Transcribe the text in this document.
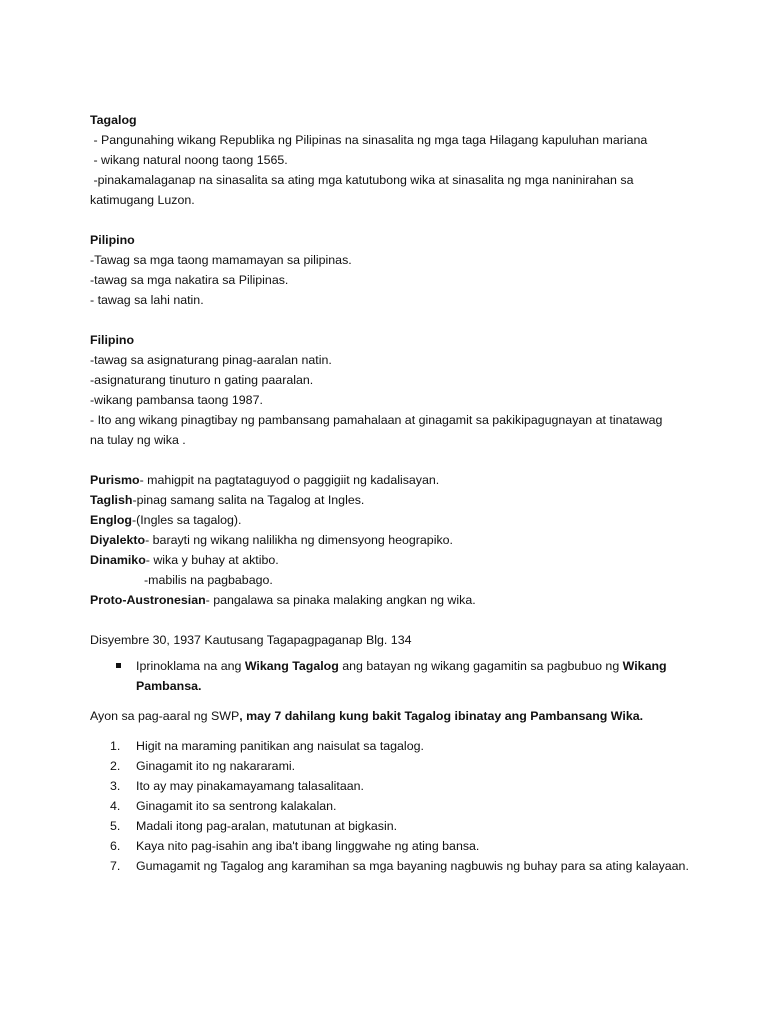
Tagalog
- Pangunahing wikang Republika ng Pilipinas na sinasalita ng mga taga Hilagang kapuluhan mariana
- wikang natural noong taong 1565.
-pinakamalaganap na sinasalita sa ating mga katutubong wika at sinasalita ng mga naninirahan sa
katimugang Luzon.
Pilipino
-Tawag sa mga taong mamamayan sa pilipinas.
-tawag sa mga nakatira sa Pilipinas.
- tawag sa lahi natin.
Filipino
-tawag sa asignaturang pinag-aaralan natin.
-asignaturang tinuturo n gating paaralan.
-wikang pambansa taong 1987.
- Ito ang wikang pinagtibay ng pambansang pamahalaan at ginagamit sa pakikipagugnayan at tinatawag
na tulay ng wika .
Purismo- mahigpit na pagtataguyod o paggigiit ng kadalisayan.
Taglish-pinag samang salita na Tagalog at Ingles.
Englog-(Ingles sa tagalog).
Diyalekto- barayti ng wikang nalilikha ng dimensyong heograpiko.
Dinamiko- wika y buhay at aktibo.
-mabilis na pagbabago.
Proto-Austronesian- pangalawa sa pinaka malaking angkan ng wika.
Disyembre 30, 1937 Kautusang Tagapagpaganap Blg. 134
Iprinoklama na ang Wikang Tagalog ang batayan ng wikang gagamitin sa pagbubuo ng Wikang Pambansa.
Ayon sa pag-aaral ng SWP, may 7 dahilang kung bakit Tagalog ibinatay ang Pambansang Wika.
1. Higit na maraming panitikan ang naisulat sa tagalog.
2. Ginagamit ito ng nakararami.
3. Ito ay may pinakamayamang talasalitaan.
4. Ginagamit ito sa sentrong kalakalan.
5. Madali itong pag-aralan, matutunan at bigkasin.
6. Kaya nito pag-isahin ang iba't ibang linggwahe ng ating bansa.
7. Gumagamit ng Tagalog ang karamihan sa mga bayaning nagbuwis ng buhay para sa ating kalayaan.
